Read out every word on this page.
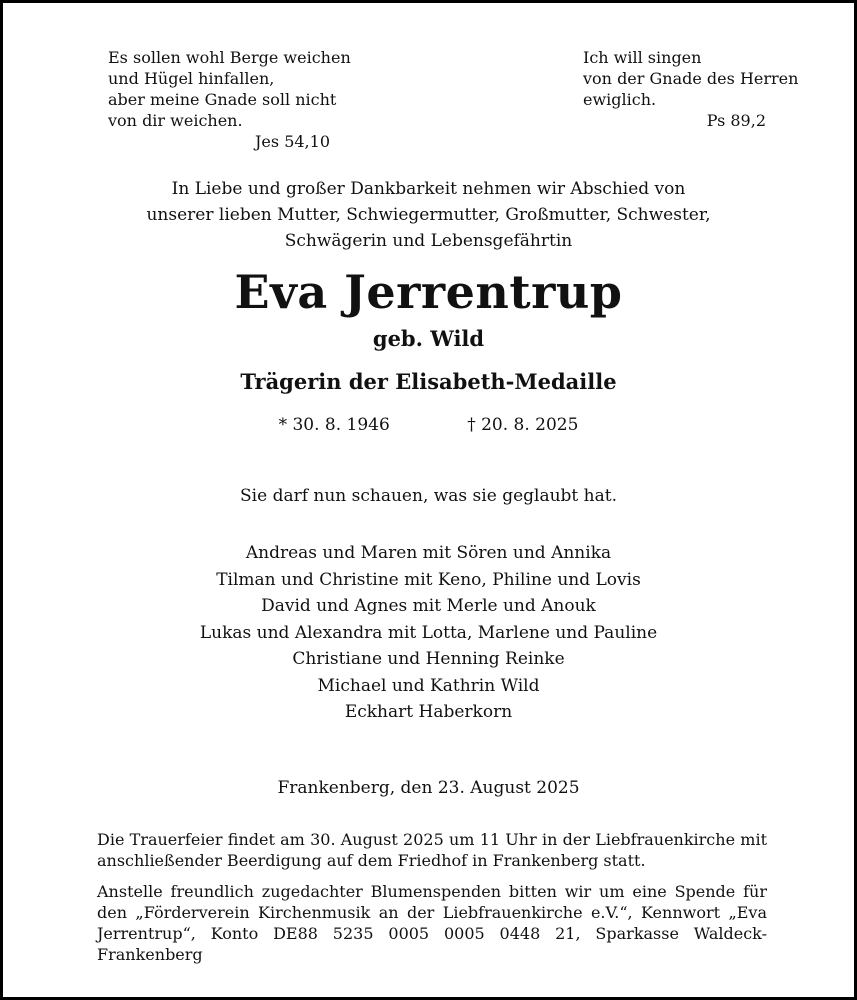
Es sollen wohl Berge weichen
und Hügel hinfallen,
aber meine Gnade soll nicht
von dir weichen.
Jes 54,10
Ich will singen
von der Gnade des Herren
ewiglich.
Ps 89,2
In Liebe und großer Dankbarkeit nehmen wir Abschied von
unserer lieben Mutter, Schwiegermutter, Großmutter, Schwester,
Schwägerin und Lebensgefährtin
Eva Jerrentrup
geb. Wild
Trägerin der Elisabeth-Medaille
* 30. 8. 1946	† 20. 8. 2025
Sie darf nun schauen, was sie geglaubt hat.
Andreas und Maren mit Sören und Annika
Tilman und Christine mit Keno, Philine und Lovis
David und Agnes mit Merle und Anouk
Lukas und Alexandra mit Lotta, Marlene und Pauline
Christiane und Henning Reinke
Michael und Kathrin Wild
Eckhart Haberkorn
Frankenberg, den 23. August 2025
Die Trauerfeier findet am 30. August 2025 um 11 Uhr in der Liebfrauenkirche mit anschließender Beerdigung auf dem Friedhof in Frankenberg statt.
Anstelle freundlich zugedachter Blumenspenden bitten wir um eine Spende für den „Förderverein Kirchenmusik an der Liebfrauenkirche e.V.“, Kennwort „Eva Jerrentrup“, Konto DE88 5235 0005 0005 0448 21, Sparkasse Waldeck-Frankenberg
